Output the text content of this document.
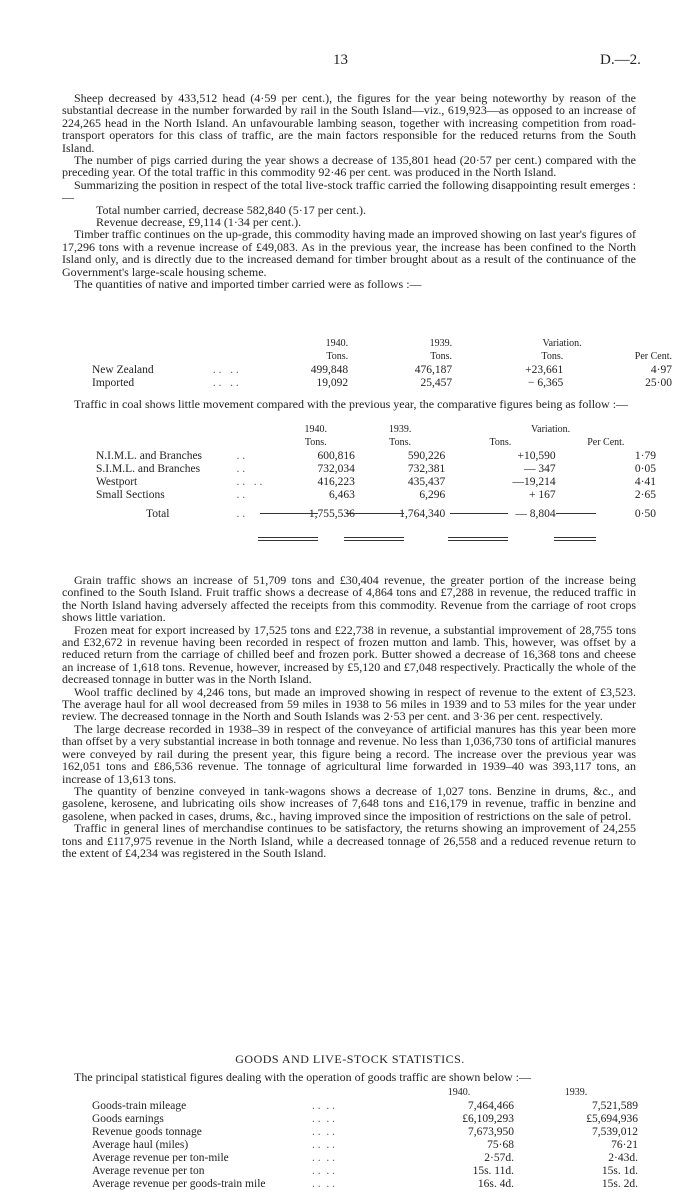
13	D.—2.

Sheep decreased by 433,512 head (4·59 per cent.), the figures for the year being noteworthy by reason of the substantial decrease in the number forwarded by rail in the South Island—viz., 619,923—as opposed to an increase of 224,265 head in the North Island. An unfavourable lambing season, together with increasing competition from road-transport operators for this class of traffic, are the main factors responsible for the reduced returns from the South Island.

The number of pigs carried during the year shows a decrease of 135,801 head (20·57 per cent.) compared with the preceding year. Of the total traffic in this commodity 92·46 per cent. was produced in the North Island.

Summarizing the position in respect of the total live-stock traffic carried the following disappointing result emerges :—

Total number carried, decrease 582,840 (5·17 per cent.).

Revenue decrease, £9,114 (1·34 per cent.).

Timber traffic continues on the up-grade, this commodity having made an improved showing on last year's figures of 17,296 tons with a revenue increase of £49,083. As in the previous year, the increase has been confined to the North Island only, and is directly due to the increased demand for timber brought about as a result of the continuance of the Government's large-scale housing scheme.

The quantities of native and imported timber carried were as follows :—

		1940.	1939.	Variation.	
		Tons.	Tons.	Tons.	Per Cent.
New Zealand	. .   . .	499,848	476,187	+23,661	4·97
Imported	. .   . .	19,092	25,457	− 6,365	25·00

Traffic in coal shows little movement compared with the previous year, the comparative figures being as follow :—

		1940.	1939.	Variation.	
		Tons.	Tons.	Tons.	Per Cent.
N.I.M.L. and Branches	. .	600,816	590,226	+10,590	1·79
S.I.M.L. and Branches	. .	732,034	732,381	— 347	0·05
Westport	. .   . .	416,223	435,437	—19,214	4·41
Small Sections	. .	6,463	6,296	+ 167	2·65

Total	. .	1,755,536	1,764,340	— 8,804	0·50

Grain traffic shows an increase of 51,709 tons and £30,404 revenue, the greater portion of the increase being confined to the South Island. Fruit traffic shows a decrease of 4,864 tons and £7,288 in revenue, the reduced traffic in the North Island having adversely affected the receipts from this commodity. Revenue from the carriage of root crops shows little variation.

Frozen meat for export increased by 17,525 tons and £22,738 in revenue, a substantial improvement of 28,755 tons and £32,672 in revenue having been recorded in respect of frozen mutton and lamb. This, however, was offset by a reduced return from the carriage of chilled beef and frozen pork. Butter showed a decrease of 16,368 tons and cheese an increase of 1,618 tons. Revenue, however, increased by £5,120 and £7,048 respectively. Practically the whole of the decreased tonnage in butter was in the North Island.

Wool traffic declined by 4,246 tons, but made an improved showing in respect of revenue to the extent of £3,523. The average haul for all wool decreased from 59 miles in 1938 to 56 miles in 1939 and to 53 miles for the year under review. The decreased tonnage in the North and South Islands was 2·53 per cent. and 3·36 per cent. respectively.

The large decrease recorded in 1938–39 in respect of the conveyance of artificial manures has this year been more than offset by a very substantial increase in both tonnage and revenue. No less than 1,036,730 tons of artificial manures were conveyed by rail during the present year, this figure being a record. The increase over the previous year was 162,051 tons and £86,536 revenue. The tonnage of agricultural lime forwarded in 1939–40 was 393,117 tons, an increase of 13,613 tons.

The quantity of benzine conveyed in tank-wagons shows a decrease of 1,027 tons. Benzine in drums, &c., and gasolene, kerosene, and lubricating oils show increases of 7,648 tons and £16,179 in revenue, traffic in benzine and gasolene, when packed in cases, drums, &c., having improved since the imposition of restrictions on the sale of petrol.

Traffic in general lines of merchandise continues to be satisfactory, the returns showing an improvement of 24,255 tons and £117,975 revenue in the North Island, while a decreased tonnage of 26,558 and a reduced revenue return to the extent of £4,234 was registered in the South Island.

GOODS AND LIVE-STOCK STATISTICS.

The principal statistical figures dealing with the operation of goods traffic are shown below :—

		1940.	1939.
Goods-train mileage	. .  . .	7,464,466	7,521,589
Goods earnings	. .  . .	£6,109,293	£5,694,936
Revenue goods tonnage	. .  . .	7,673,950	7,539,012
Average haul (miles)	. .  . .	75·68	76·21
Average revenue per ton-mile	. .  . .	2·57d.	2·43d.
Average revenue per ton	. .  . .	15s. 11d.	15s. 1d.
Average revenue per goods-train mile	. .  . .	16s. 4d.	15s. 2d.
